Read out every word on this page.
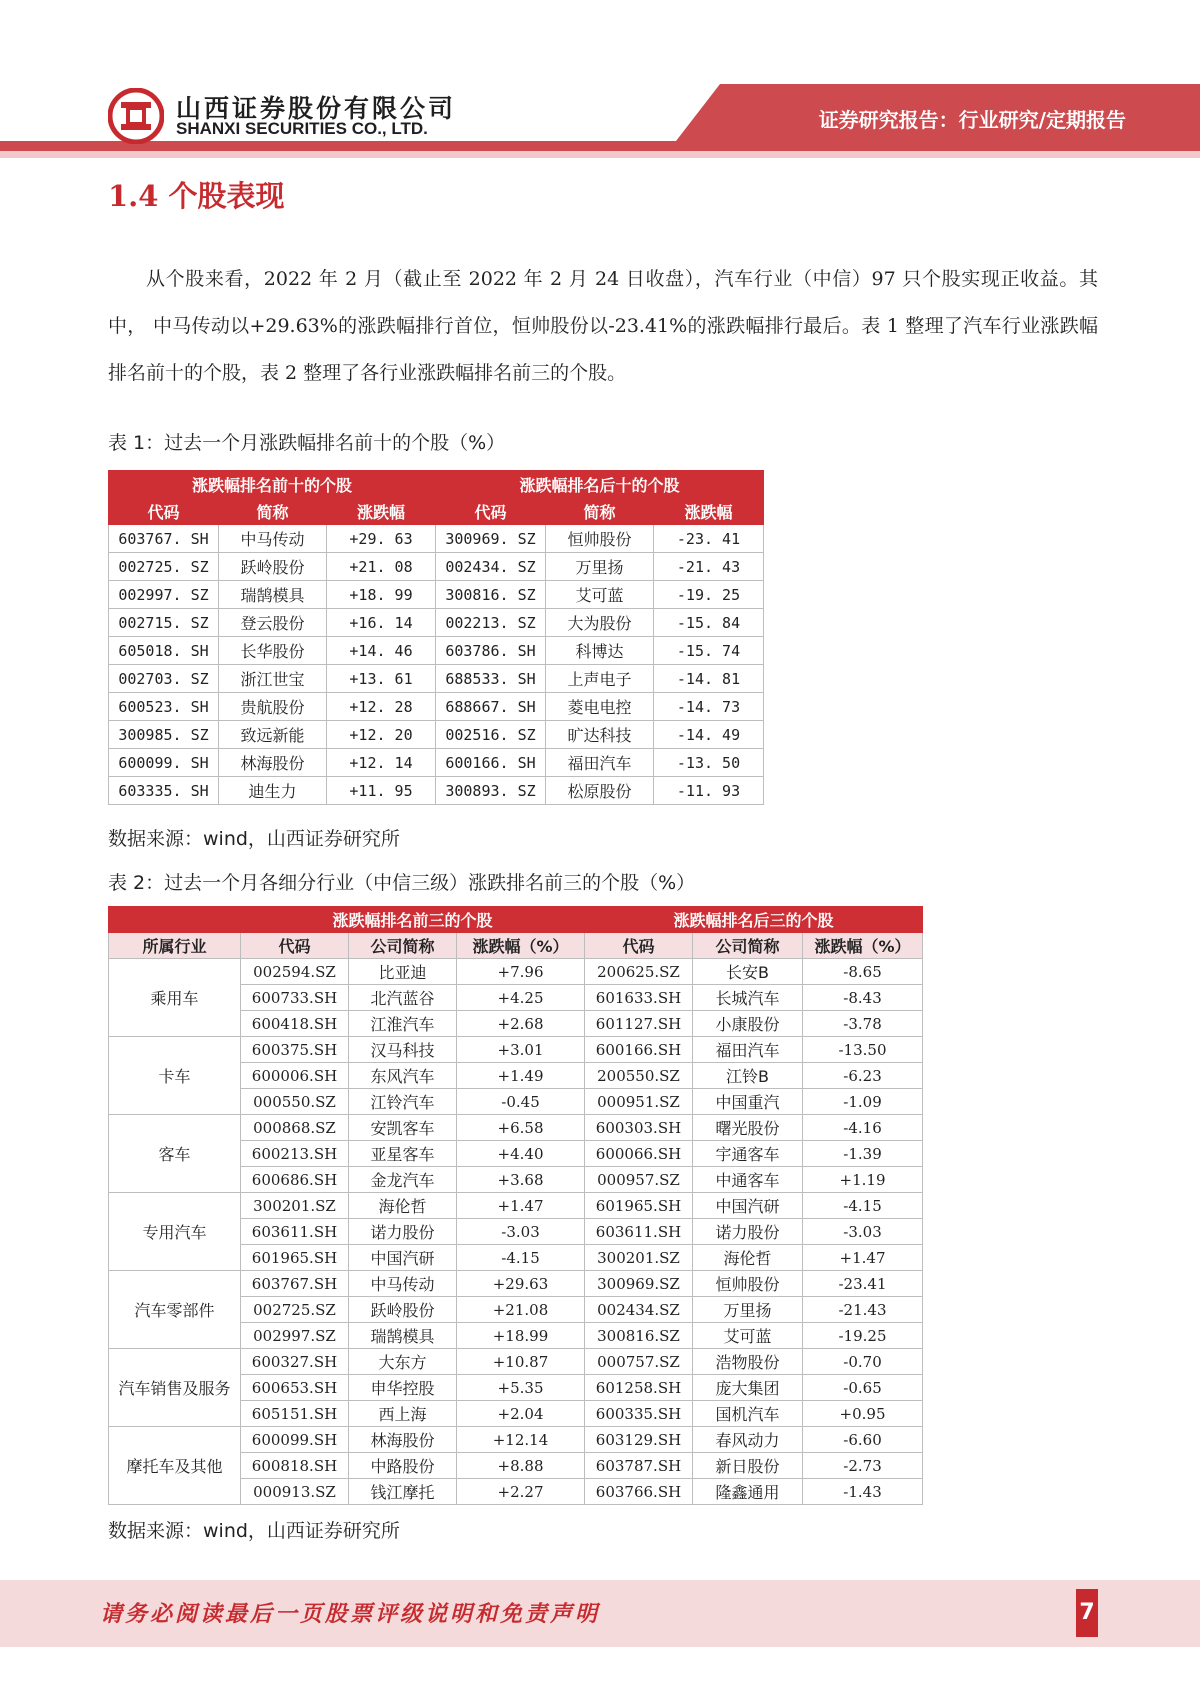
山西证券股份有限公司
SHANXI SECURITIES CO., LTD.	证券研究报告：行业研究/定期报告
1.4 个股表现

从个股来看，2022 年 2 月（截止至 2022 年 2 月 24 日收盘），汽车行业（中信）97 只个股实现正收益。其中， 中马传动以+29.63%的涨跌幅排行首位，恒帅股份以-23.41%的涨跌幅排行最后。表 1 整理了汽车行业涨跌幅排名前十的个股，表 2 整理了各行业涨跌幅排名前三的个股。

表 1：过去一个月涨跌幅排名前十的个股（%）
涨跌幅排名前十的个股			涨跌幅排名后十的个股		
代码	简称	涨跌幅	代码	简称	涨跌幅
603767. SH	中马传动	+29. 63	300969. SZ	恒帅股份	-23. 41
002725. SZ	跃岭股份	+21. 08	002434. SZ	万里扬	-21. 43
002997. SZ	瑞鹄模具	+18. 99	300816. SZ	艾可蓝	-19. 25
002715. SZ	登云股份	+16. 14	002213. SZ	大为股份	-15. 84
605018. SH	长华股份	+14. 46	603786. SH	科博达	-15. 74
002703. SZ	浙江世宝	+13. 61	688533. SH	上声电子	-14. 81
600523. SH	贵航股份	+12. 28	688667. SH	菱电电控	-14. 73
300985. SZ	致远新能	+12. 20	002516. SZ	旷达科技	-14. 49
600099. SH	林海股份	+12. 14	600166. SH	福田汽车	-13. 50
603335. SH	迪生力	+11. 95	300893. SZ	松原股份	-11. 93
数据来源：wind，山西证券研究所
表 2：过去一个月各细分行业（中信三级）涨跌排名前三的个股（%）
	涨跌幅排名前三的个股			涨跌幅排名后三的个股		
所属行业	代码	公司简称	涨跌幅（%）	代码	公司简称	涨跌幅（%）
乘用车	002594.SZ	比亚迪	+7.96	200625.SZ	长安B	-8.65
	600733.SH	北汽蓝谷	+4.25	601633.SH	长城汽车	-8.43
	600418.SH	江淮汽车	+2.68	601127.SH	小康股份	-3.78
卡车	600375.SH	汉马科技	+3.01	600166.SH	福田汽车	-13.50
	600006.SH	东风汽车	+1.49	200550.SZ	江铃B	-6.23
	000550.SZ	江铃汽车	-0.45	000951.SZ	中国重汽	-1.09
客车	000868.SZ	安凯客车	+6.58	600303.SH	曙光股份	-4.16
	600213.SH	亚星客车	+4.40	600066.SH	宇通客车	-1.39
	600686.SH	金龙汽车	+3.68	000957.SZ	中通客车	+1.19
专用汽车	300201.SZ	海伦哲	+1.47	601965.SH	中国汽研	-4.15
	603611.SH	诺力股份	-3.03	603611.SH	诺力股份	-3.03
	601965.SH	中国汽研	-4.15	300201.SZ	海伦哲	+1.47
汽车零部件	603767.SH	中马传动	+29.63	300969.SZ	恒帅股份	-23.41
	002725.SZ	跃岭股份	+21.08	002434.SZ	万里扬	-21.43
	002997.SZ	瑞鹄模具	+18.99	300816.SZ	艾可蓝	-19.25
汽车销售及服务	600327.SH	大东方	+10.87	000757.SZ	浩物股份	-0.70
	600653.SH	申华控股	+5.35	601258.SH	庞大集团	-0.65
	605151.SH	西上海	+2.04	600335.SH	国机汽车	+0.95
摩托车及其他	600099.SH	林海股份	+12.14	603129.SH	春风动力	-6.60
	600818.SH	中路股份	+8.88	603787.SH	新日股份	-2.73
	000913.SZ	钱江摩托	+2.27	603766.SH	隆鑫通用	-1.43
数据来源：wind，山西证券研究所
请务必阅读最后一页股票评级说明和免责声明	7
